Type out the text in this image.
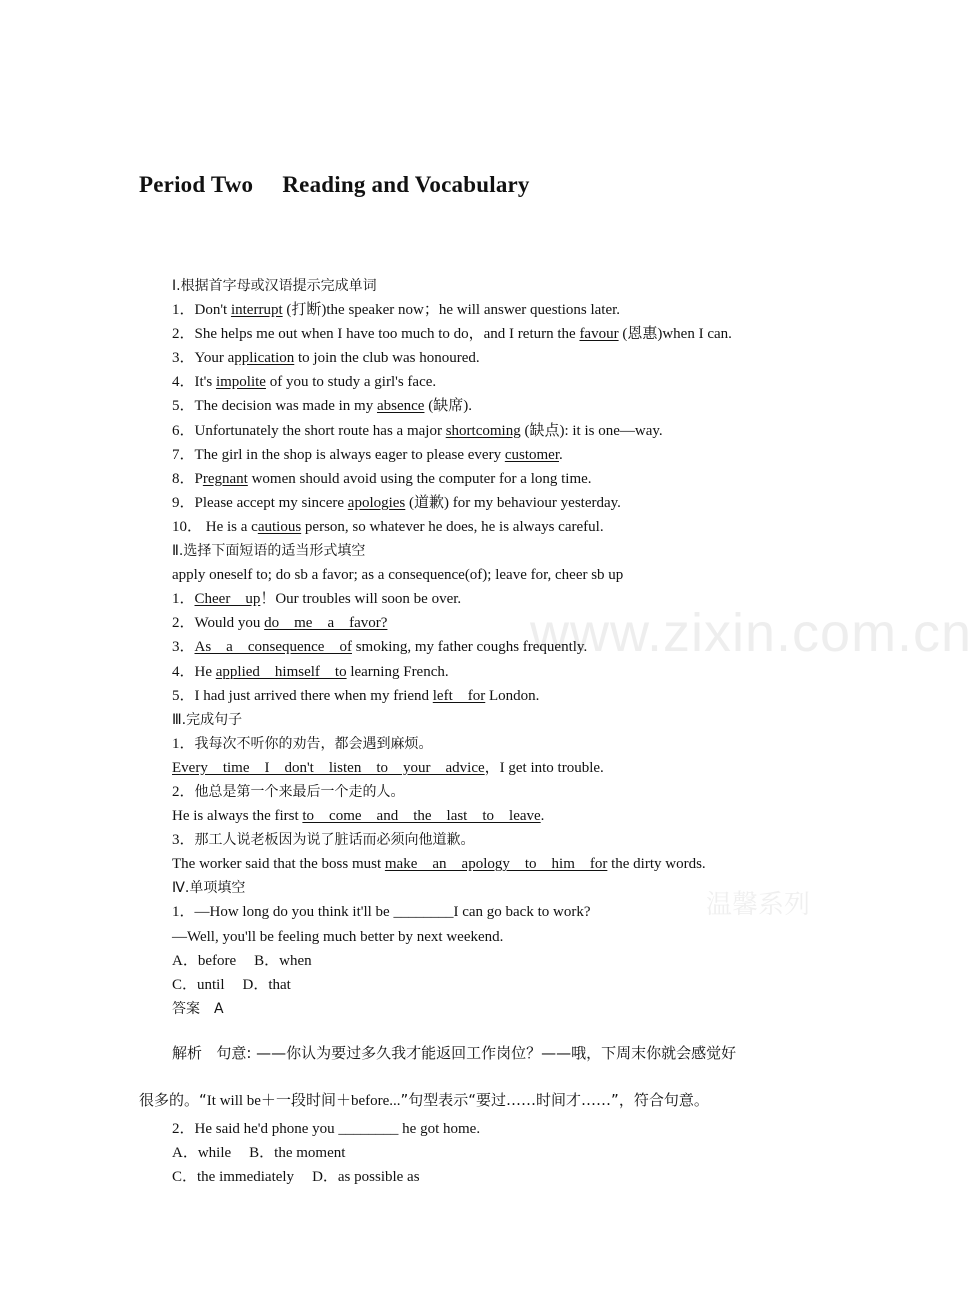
Period Two　 Reading and Vocabulary
www.zixin.com.cn
温馨系列
Ⅰ.根据首字母或汉语提示完成单词
1．Don't interrupt (打断)the speaker now；he will answer questions later.
2．She helps me out when I have too much to do，and I return the favour (恩惠)when I can.
3．Your application to join the club was honoured.
4．It's impolite of you to study a girl's face.
5．The decision was made in my absence (缺席).
6．Unfortunately the short route has a major shortcoming (缺点): it is one—way.
7．The girl in the shop is always eager to please every customer.
8．Pregnant women should avoid using the computer for a long time.
9．Please accept my sincere apologies (道歉) for my behaviour yesterday.
10． He is a cautious person, so whatever he does, he is always careful.
Ⅱ.选择下面短语的适当形式填空
apply oneself to; do sb a favor; as a consequence(of); leave for, cheer sb up
1．Cheer　up！Our troubles will soon be over.
2．Would you do　me　a　favor?
3．As　a　consequence　of smoking, my father coughs frequently.
4．He applied　himself　to learning French.
5．I had just arrived there when my friend left　for London.
Ⅲ.完成句子
1．我每次不听你的劝告，都会遇到麻烦。
Every　time　I　don't　listen　to　your　advice，I get into trouble.
2．他总是第一个来最后一个走的人。
He is always the first to　come　and　the　last　to　leave.
3．那工人说老板因为说了脏话而必须向他道歉。
The worker said that the boss must make　an　apology　to　him　for the dirty words.
Ⅳ.单项填空
1．—How long do you think it'll be ________I can go back to work?
—Well, you'll be feeling much better by next weekend.
A．before B．when
C．until D．that
答案　A
解析 句意: ——你认为要过多久我才能返回工作岗位？——哦，下周末你就会感觉好
很多的。“It will be＋一段时间＋before...”句型表示“要过……时间才……”，符合句意。
2．He said he'd phone you ________ he got home.
A．while B．the moment
C．the immediately D．as possible as
